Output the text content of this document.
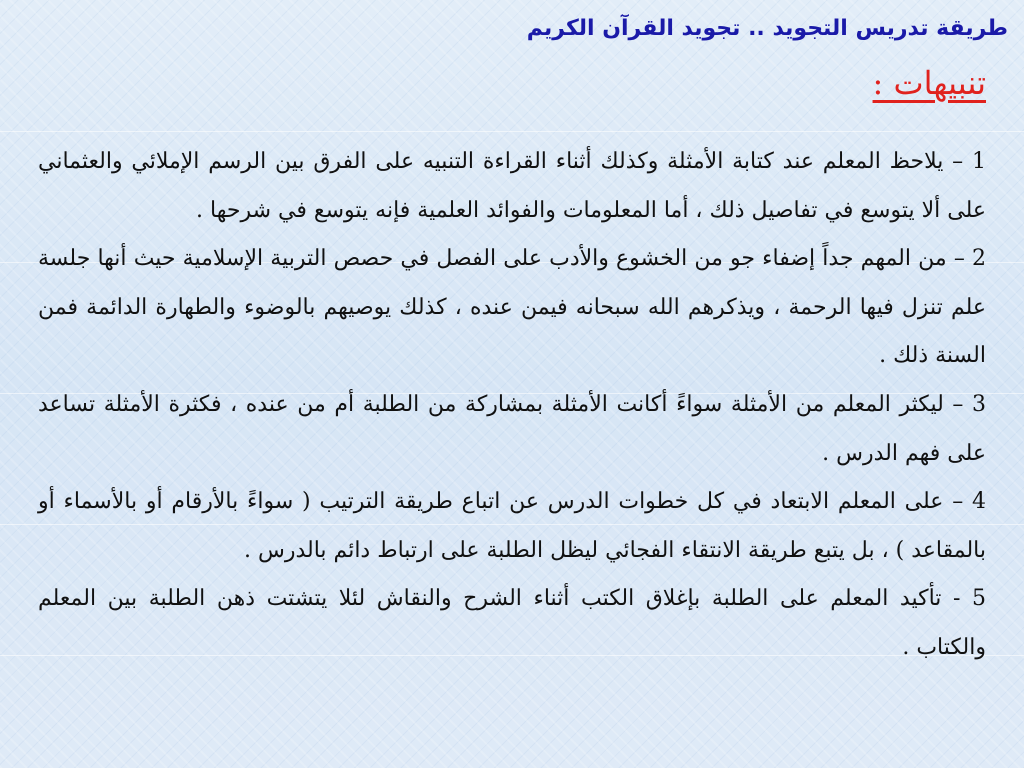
طريقة تدريس التجويد .. تجويد القرآن الكريم
تنبيهات :

1 – يلاحظ المعلم عند كتابة الأمثلة وكذلك أثناء القراءة التنبيه على الفرق بين الرسم الإملائي والعثماني على ألا يتوسع في تفاصيل ذلك ، أما المعلومات والفوائد العلمية فإنه يتوسع في شرحها .

2 – من المهم جداً إضفاء جو من الخشوع والأدب على الفصل في حصص التربية الإسلامية حيث أنها جلسة علم تنزل فيها الرحمة ، ويذكرهم الله سبحانه فيمن عنده ، كذلك يوصيهم بالوضوء والطهارة الدائمة فمن السنة ذلك .

3 – ليكثر المعلم من الأمثلة سواءً أكانت الأمثلة بمشاركة من الطلبة أم من عنده ، فكثرة الأمثلة تساعد على فهم الدرس .

4 – على المعلم الابتعاد في كل خطوات الدرس عن اتباع طريقة الترتيب ( سواءً بالأرقام أو بالأسماء أو بالمقاعد ) ، بل يتبع طريقة الانتقاء الفجائي ليظل الطلبة على ارتباط دائم بالدرس .

5 - تأكيد المعلم على الطلبة بإغلاق الكتب أثناء الشرح والنقاش لئلا يتشتت ذهن الطلبة بين المعلم والكتاب .
